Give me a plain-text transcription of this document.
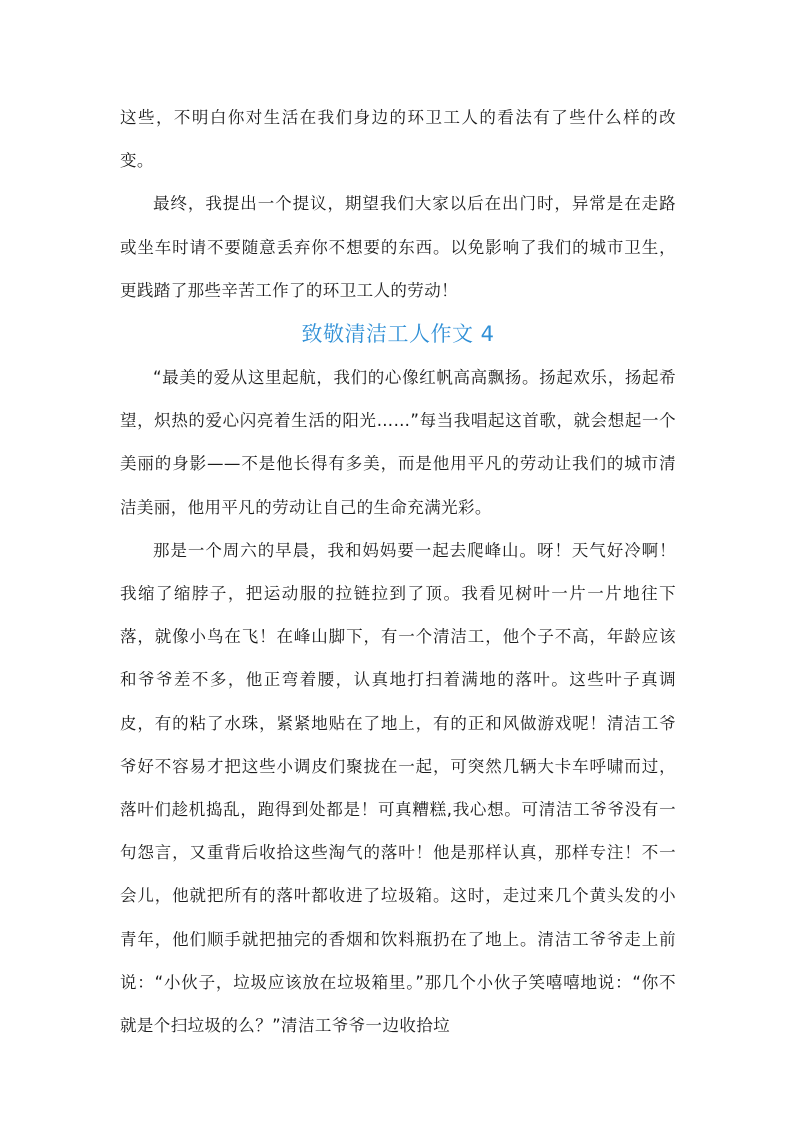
这些，不明白你对生活在我们身边的环卫工人的看法有了些什么样的改变。

最终，我提出一个提议，期望我们大家以后在出门时，异常是在走路或坐车时请不要随意丢弃你不想要的东西。以免影响了我们的城市卫生，更践踏了那些辛苦工作了的环卫工人的劳动！

致敬清洁工人作文 4

“最美的爱从这里起航，我们的心像红帆高高飘扬。扬起欢乐，扬起希望，炽热的爱心闪亮着生活的阳光……”每当我唱起这首歌，就会想起一个美丽的身影——不是他长得有多美，而是他用平凡的劳动让我们的城市清洁美丽，他用平凡的劳动让自己的生命充满光彩。

那是一个周六的早晨，我和妈妈要一起去爬峰山。呀！天气好冷啊！我缩了缩脖子，把运动服的拉链拉到了顶。我看见树叶一片一片地往下落，就像小鸟在飞！在峰山脚下，有一个清洁工，他个子不高，年龄应该和爷爷差不多，他正弯着腰，认真地打扫着满地的落叶。这些叶子真调皮，有的粘了水珠，紧紧地贴在了地上，有的正和风做游戏呢！清洁工爷爷好不容易才把这些小调皮们聚拢在一起，可突然几辆大卡车呼啸而过，落叶们趁机捣乱，跑得到处都是！可真糟糕,我心想。可清洁工爷爷没有一句怨言，又重背后收拾这些淘气的落叶！他是那样认真，那样专注！不一会儿，他就把所有的落叶都收进了垃圾箱。这时，走过来几个黄头发的小青年，他们顺手就把抽完的香烟和饮料瓶扔在了地上。清洁工爷爷走上前说：“小伙子，垃圾应该放在垃圾箱里。”那几个小伙子笑嘻嘻地说：“你不就是个扫垃圾的么？”清洁工爷爷一边收拾垃
